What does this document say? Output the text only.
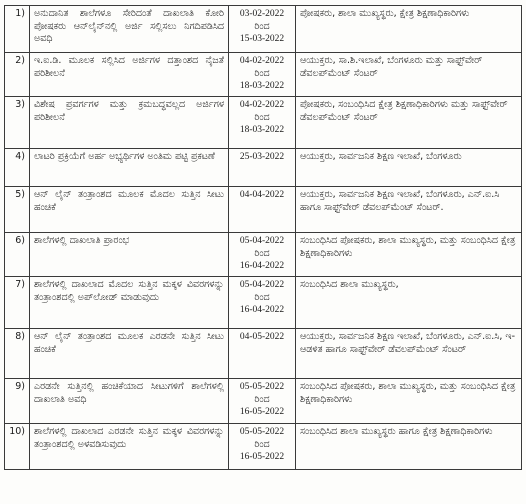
1)	ಅನುದಾನಿತ ಶಾಲೆಗಳೂ ಸೇರಿದಂತೆ ದಾಖಲಾತಿ ಕೋರಿ ಪೋಷಕರು ಆನ್‌ಲೈನ್‌ನಲ್ಲಿ ಅರ್ಜಿ ಸಲ್ಲಿಸಲು ನಿಗದಿಪಡಿಸಿದ ಅವಧಿ	03-02-2022
ರಿಂದ
15-03-2022	ಪೋಷಕರು, ಶಾಲಾ ಮುಖ್ಯಸ್ಥರು, ಕ್ಷೇತ್ರ ಶಿಕ್ಷಣಾಧಿಕಾರಿಗಳು
2)	ಇ.ಐ.ಡಿ. ಮೂಲಕ ಸಲ್ಲಿಸಿದ ಅರ್ಜಿಗಳ ದತ್ತಾಂಶದ ನೈಜತೆ ಪರಿಶೀಲನೆ	04-02-2022
ರಿಂದ
18-03-2022	ಆಯುಕ್ತರು, ಸಾ.ಶಿ.ಇಲಾಖೆ, ಬೆಂಗಳೂರು ಮತ್ತು ಸಾಫ್ಟ್‌ವೇರ್ ಡೆವಲಪ್‌ಮೆಂಟ್ ಸೆಂಟರ್
3)	ವಿಶೇಷ ಪ್ರವರ್ಗಗಳ ಮತ್ತು ಕ್ರಮಬದ್ಧವಲ್ಲದ ಅರ್ಜಿಗಳ ಪರಿಶೀಲನೆ	04-02-2022
ರಿಂದ
18-03-2022	ಪೋಷಕರು, ಸಂಬಂಧಿಸಿದ ಕ್ಷೇತ್ರ ಶಿಕ್ಷಣಾಧಿಕಾರಿಗಳು ಮತ್ತು ಸಾಫ್ಟ್‌ವೇರ್ ಡೆವಲಪ್‌ಮೆಂಟ್ ಸೆಂಟರ್
4)	ಲಾಟರಿ ಪ್ರಕ್ರಿಯೆಗೆ ಅರ್ಹ ಅಭ್ಯರ್ಥಿಗಳ ಅಂತಿಮ ಪಟ್ಟಿ ಪ್ರಕಟಣೆ	25-03-2022	ಆಯುಕ್ತರು, ಸಾರ್ವಜನಿಕ ಶಿಕ್ಷಣ ಇಲಾಖೆ, ಬೆಂಗಳೂರು
5)	ಆನ್ ಲೈನ್ ತಂತ್ರಾಂಶದ ಮೂಲಕ ಮೊದಲ ಸುತ್ತಿನ ಸೀಟು ಹಂಚಿಕೆ	04-04-2022	ಆಯುಕ್ತರು, ಸಾರ್ವಜನಿಕ ಶಿಕ್ಷಣ ಇಲಾಖೆ, ಬೆಂಗಳೂರು, ಎನ್.ಐ.ಸಿ ಹಾಗೂ ಸಾಫ್ಟ್‌ವೇರ್ ಡೆವಲಪ್‌ಮೆಂಟ್ ಸೆಂಟರ್.
6)	ಶಾಲೆಗಳಲ್ಲಿ ದಾಖಲಾತಿ ಪ್ರಾರಂಭ	05-04-2022
ರಿಂದ
16-04-2022	ಸಂಬಂಧಿಸಿದ ಪೋಷಕರು, ಶಾಲಾ ಮುಖ್ಯಸ್ಥರು, ಮತ್ತು ಸಂಬಂಧಿಸಿದ ಕ್ಷೇತ್ರ ಶಿಕ್ಷಣಾಧಿಕಾರಿಗಳು
7)	ಶಾಲೆಗಳಲ್ಲಿ ದಾಖಲಾದ ಮೊದಲ ಸುತ್ತಿನ ಮಕ್ಕಳ ವಿವರಗಳನ್ನು ತಂತ್ರಾಂಶದಲ್ಲಿ ಅಪ್‌ಲೋಡ್ ಮಾಡುವುದು	05-04-2022
ರಿಂದ
16-04-2022	ಸಂಬಂಧಿಸಿದ ಶಾಲಾ ಮುಖ್ಯಸ್ಥರು,
8)	ಆನ್ ಲೈನ್ ತಂತ್ರಾಂಶದ ಮೂಲಕ ಎರಡನೇ ಸುತ್ತಿನ ಸೀಟು ಹಂಚಿಕೆ	04-05-2022	ಆಯುಕ್ತರು, ಸಾರ್ವಜನಿಕ ಶಿಕ್ಷಣ ಇಲಾಖೆ, ಬೆಂಗಳೂರು, ಎನ್.ಐ.ಸಿ, ಇ-ಆಡಳಿತ ಹಾಗೂ ಸಾಫ್ಟ್‌ವೇರ್ ಡೆವಲಪ್‌ಮೆಂಟ್ ಸೆಂಟರ್
9)	ಎರಡನೇ ಸುತ್ತಿನಲ್ಲಿ ಹಂಚಿಕೆಯಾದ ಸೀಟುಗಳಿಗೆ ಶಾಲೆಗಳಲ್ಲಿ ದಾಖಲಾತಿ ಅವಧಿ	05-05-2022
ರಿಂದ
16-05-2022	ಸಂಬಂಧಿಸಿದ ಪೋಷಕರು, ಶಾಲಾ ಮುಖ್ಯಸ್ಥರು, ಮತ್ತು ಸಂಬಂಧಿಸಿದ ಕ್ಷೇತ್ರ ಶಿಕ್ಷಣಾಧಿಕಾರಿಗಳು
10)	ಶಾಲೆಗಳಲ್ಲಿ ದಾಖಲಾದ ಎರಡನೇ ಸುತ್ತಿನ ಮಕ್ಕಳ ವಿವರಗಳನ್ನು ತಂತ್ರಾಂಶದಲ್ಲಿ ಅಳವಡಿಸುವುದು	05-05-2022
ರಿಂದ
16-05-2022	ಸಂಬಂಧಿಸಿದ ಶಾಲಾ ಮುಖ್ಯಸ್ಥರು ಹಾಗೂ ಕ್ಷೇತ್ರ ಶಿಕ್ಷಣಾಧಿಕಾರಿಗಳು
